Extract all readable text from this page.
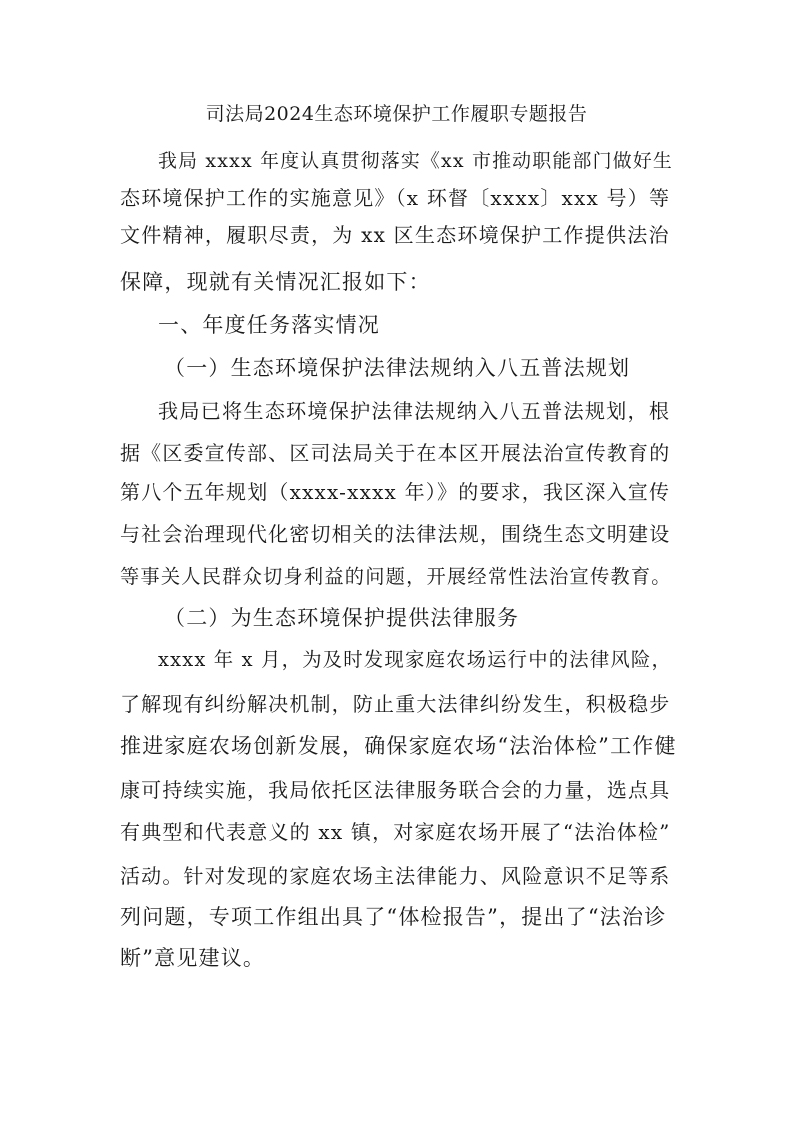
司法局2024生态环境保护工作履职专题报告
我局 xxxx 年度认真贯彻落实《xx 市推动职能部门做好生
态环境保护工作的实施意见》（x 环督〔xxxx〕xxx 号）等
文件精神，履职尽责，为 xx 区生态环境保护工作提供法治
保障，现就有关情况汇报如下：
一、年度任务落实情况
（一）生态环境保护法律法规纳入八五普法规划
我局已将生态环境保护法律法规纳入八五普法规划，根
据《区委宣传部、区司法局关于在本区开展法治宣传教育的
第八个五年规划（xxxx-xxxx 年）》的要求，我区深入宣传
与社会治理现代化密切相关的法律法规，围绕生态文明建设
等事关人民群众切身利益的问题，开展经常性法治宣传教育。
（二）为生态环境保护提供法律服务
xxxx 年 x 月，为及时发现家庭农场运行中的法律风险，
了解现有纠纷解决机制，防止重大法律纠纷发生，积极稳步
推进家庭农场创新发展，确保家庭农场“法治体检”工作健
康可持续实施，我局依托区法律服务联合会的力量，选点具
有典型和代表意义的 xx 镇，对家庭农场开展了“法治体检”
活动。针对发现的家庭农场主法律能力、风险意识不足等系
列问题，专项工作组出具了“体检报告”，提出了“法治诊
断”意见建议。
